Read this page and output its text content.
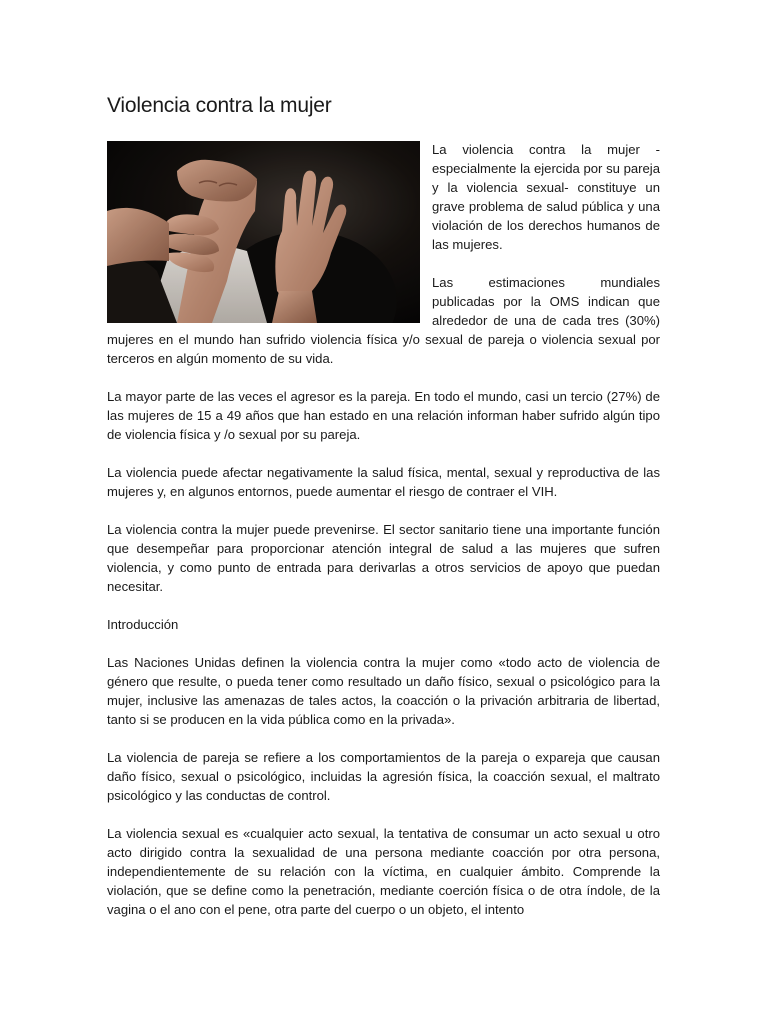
Violencia contra la mujer

La violencia contra la mujer -especialmente la ejercida por su pareja y la violencia sexual- constituye un grave problema de salud pública y una violación de los derechos humanos de las mujeres.

Las estimaciones mundiales publicadas por la OMS indican que alrededor de una de cada tres (30%) mujeres en el mundo han sufrido violencia física y/o sexual de pareja o violencia sexual por terceros en algún momento de su vida.

La mayor parte de las veces el agresor es la pareja. En todo el mundo, casi un tercio (27%) de las mujeres de 15 a 49 años que han estado en una relación informan haber sufrido algún tipo de violencia física y /o sexual por su pareja.

La violencia puede afectar negativamente la salud física, mental, sexual y reproductiva de las mujeres y, en algunos entornos, puede aumentar el riesgo de contraer el VIH.

La violencia contra la mujer puede prevenirse. El sector sanitario tiene una importante función que desempeñar para proporcionar atención integral de salud a las mujeres que sufren violencia, y como punto de entrada para derivarlas a otros servicios de apoyo que puedan necesitar.

Introducción

Las Naciones Unidas definen la violencia contra la mujer como «todo acto de violencia de género que resulte, o pueda tener como resultado un daño físico, sexual o psicológico para la mujer, inclusive las amenazas de tales actos, la coacción o la privación arbitraria de libertad, tanto si se producen en la vida pública como en la privada».

La violencia de pareja se refiere a los comportamientos de la pareja o expareja que causan daño físico, sexual o psicológico, incluidas la agresión física, la coacción sexual, el maltrato psicológico y las conductas de control.

La violencia sexual es «cualquier acto sexual, la tentativa de consumar un acto sexual u otro acto dirigido contra la sexualidad de una persona mediante coacción por otra persona, independientemente de su relación con la víctima, en cualquier ámbito. Comprende la violación, que se define como la penetración, mediante coerción física o de otra índole, de la vagina o el ano con el pene, otra parte del cuerpo o un objeto, el intento
